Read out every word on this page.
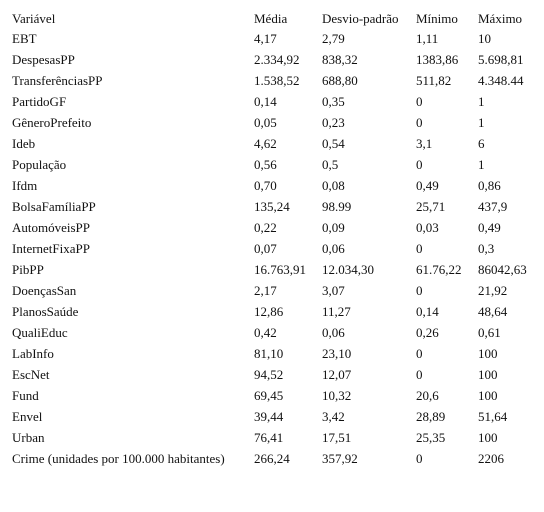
Variável	Média	Desvio-padrão	Mínimo	Máximo
EBT	4,17	2,79	1,11	10
DespesasPP	2.334,92	838,32	1383,86	5.698,81
TransferênciasPP	1.538,52	688,80	511,82	4.348.44
PartidoGF	0,14	0,35	0	1
GêneroPrefeito	0,05	0,23	0	1
Ideb	4,62	0,54	3,1	6
População	0,56	0,5	0	1
Ifdm	0,70	0,08	0,49	0,86
BolsaFamíliaPP	135,24	98.99	25,71	437,9
AutomóveisPP	0,22	0,09	0,03	0,49
InternetFixaPP	0,07	0,06	0	0,3
PibPP	16.763,91	12.034,30	61.76,22	86042,63
DoençasSan	2,17	3,07	0	21,92
PlanosSaúde	12,86	11,27	0,14	48,64
QualiEduc	0,42	0,06	0,26	0,61
LabInfo	81,10	23,10	0	100
EscNet	94,52	12,07	0	100
Fund	69,45	10,32	20,6	100
Envel	39,44	3,42	28,89	51,64
Urban	76,41	17,51	25,35	100
Crime (unidades por 100.000 habitantes)	266,24	357,92	0	2206
